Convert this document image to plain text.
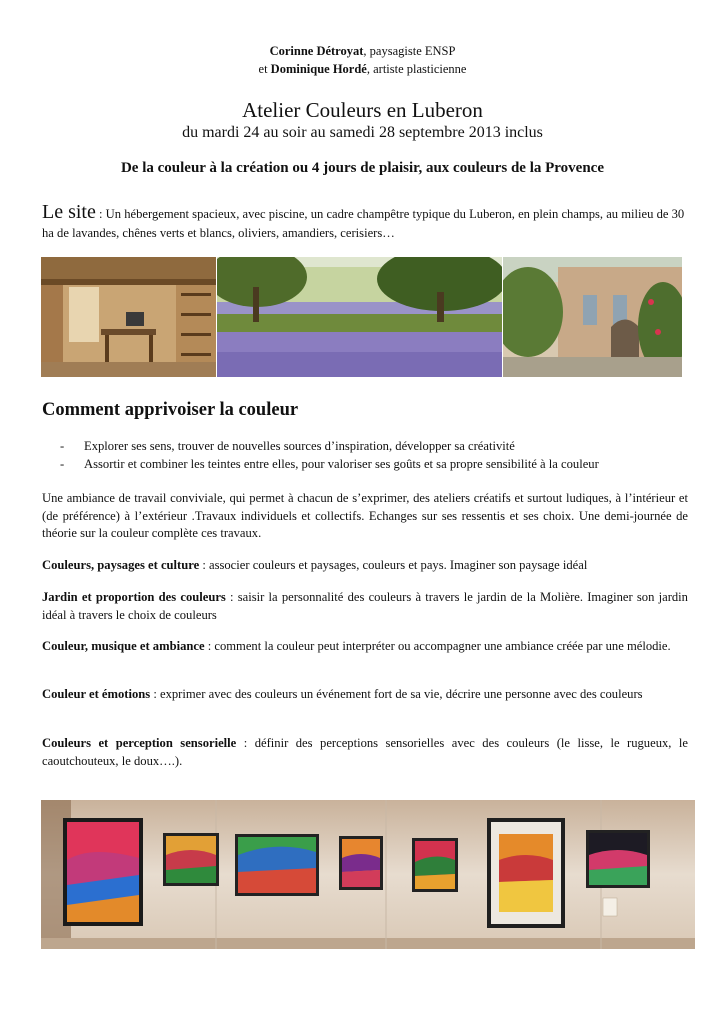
Corinne Détroyat, paysagiste ENSP
et Dominique Hordé, artiste plasticienne
Atelier Couleurs en Luberon
du mardi 24 au soir au samedi 28 septembre 2013 inclus
De la couleur à la création ou 4 jours de plaisir, aux couleurs de la Provence
Le site : Un hébergement spacieux, avec piscine, un cadre champêtre typique du Luberon, en plein champs, au milieu de 30 ha de lavandes, chênes verts et blancs, oliviers, amandiers, cerisiers…
Comment apprivoiser la couleur
- Explorer ses sens, trouver de nouvelles sources d’inspiration, développer sa créativité
- Assortir et combiner les teintes entre elles, pour valoriser ses goûts et sa propre sensibilité à la couleur
Une ambiance de travail conviviale, qui permet à chacun de s’exprimer, des ateliers créatifs et surtout ludiques, à l’intérieur et (de préférence) à l’extérieur .Travaux individuels et collectifs. Echanges sur ses ressentis et ses choix. Une demi-journée de théorie sur la couleur complète ces travaux.
Couleurs, paysages et culture : associer couleurs et paysages, couleurs et pays. Imaginer son paysage idéal
Jardin et proportion des couleurs : saisir la personnalité des couleurs à travers le jardin de la Molière. Imaginer son jardin idéal à travers le choix de couleurs
Couleur, musique et ambiance : comment la couleur peut interpréter ou accompagner une ambiance créée par une mélodie.
Couleur et émotions : exprimer avec des couleurs un événement fort de sa vie, décrire une personne avec des couleurs
Couleurs et perception sensorielle : définir des perceptions sensorielles avec des couleurs (le lisse, le rugueux, le caoutchouteux, le doux….).
